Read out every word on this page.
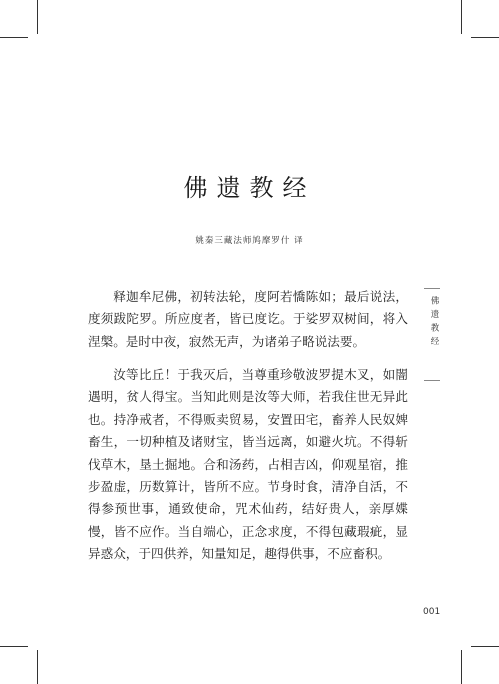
佛遗教经
姚秦三藏法师鸠摩罗什 译

释迦牟尼佛，初转法轮，度阿若憍陈如；最后说法，度须跋陀罗。所应度者，皆已度讫。于娑罗双树间，将入涅槃。是时中夜，寂然无声，为诸弟子略说法要。

汝等比丘！于我灭后，当尊重珍敬波罗提木叉，如闇遇明，贫人得宝。当知此则是汝等大师，若我住世无异此也。持净戒者，不得贩卖贸易，安置田宅，畜养人民奴婢畜生，一切种植及诸财宝，皆当远离，如避火坑。不得斩伐草木，垦土掘地。合和汤药，占相吉凶，仰观星宿，推步盈虚，历数算计，皆所不应。节身时食，清净自活，不得参预世事，通致使命，咒术仙药，结好贵人，亲厚媟慢，皆不应作。当自端心，正念求度，不得包藏瑕疵，显异惑众，于四供养，知量知足，趣得供事，不应畜积。

佛遗教经
001
